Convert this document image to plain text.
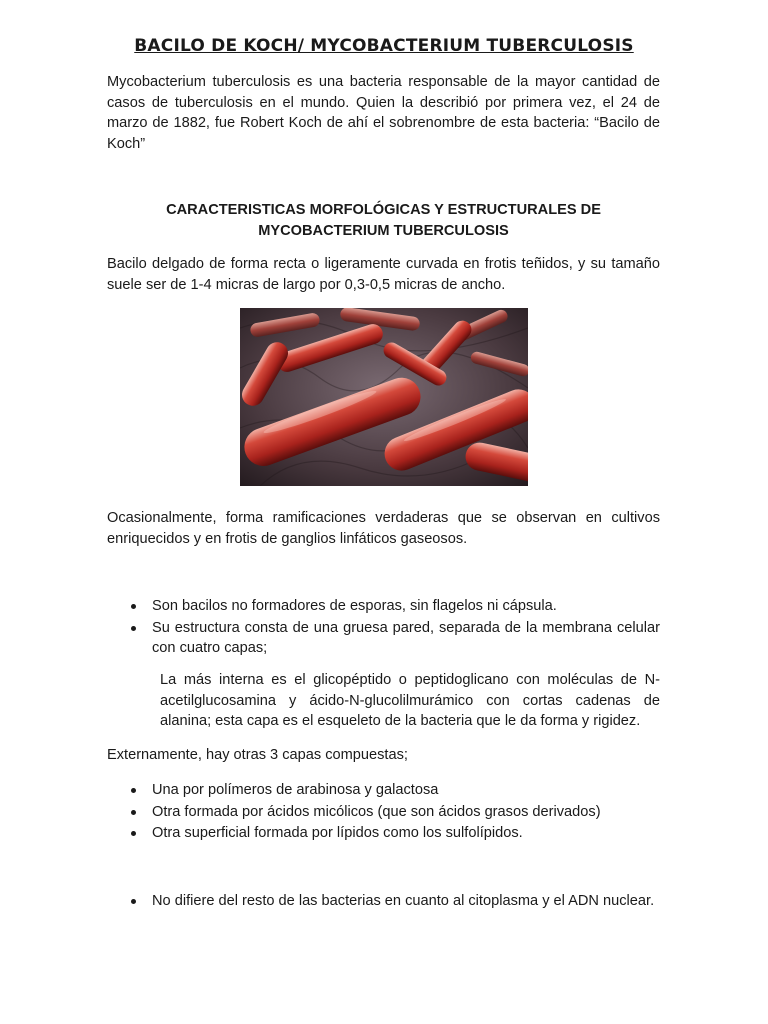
BACILO DE KOCH/ MYCOBACTERIUM TUBERCULOSIS
Mycobacterium tuberculosis es una bacteria responsable de la mayor cantidad de casos de tuberculosis en el mundo. Quien la describió por primera vez, el 24 de marzo de 1882, fue Robert Koch de ahí el sobrenombre de esta bacteria: “Bacilo de Koch”
CARACTERISTICAS MORFOLÓGICAS Y ESTRUCTURALES DE
MYCOBACTERIUM TUBERCULOSIS
Bacilo delgado de forma recta o ligeramente curvada en frotis teñidos, y su tamaño suele ser de 1-4 micras de largo por 0,3-0,5 micras de ancho.
Ocasionalmente, forma ramificaciones verdaderas que se observan en cultivos enriquecidos y en frotis de ganglios linfáticos gaseosos.
Son bacilos no formadores de esporas, sin flagelos ni cápsula.
Su estructura consta de una gruesa pared, separada de la membrana celular con cuatro capas;
La más interna es el glicopéptido o peptidoglicano con moléculas de N-acetilglucosamina y ácido-N-glucolilmurámico con cortas cadenas de alanina; esta capa es el esqueleto de la bacteria que le da forma y rigidez.
Externamente, hay otras 3 capas compuestas;
Una por polímeros de arabinosa y galactosa
Otra formada por ácidos micólicos (que son ácidos grasos derivados)
Otra superficial formada por lípidos como los sulfolípidos.
No difiere del resto de las bacterias en cuanto al citoplasma y el ADN nuclear.
